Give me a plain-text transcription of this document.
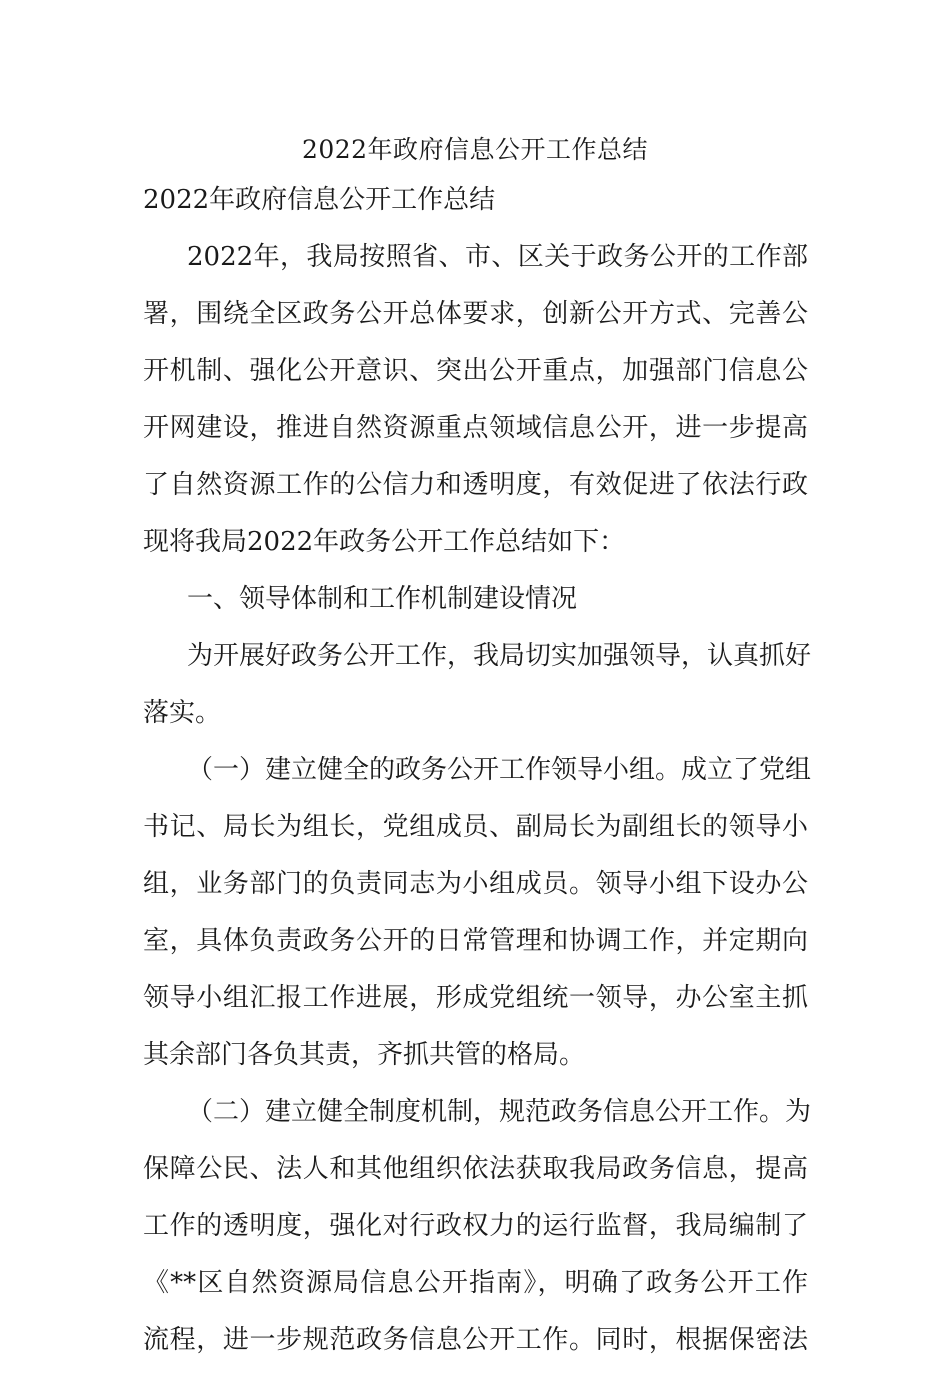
2022年政府信息公开工作总结
2022年政府信息公开工作总结
2022年，我局按照省、市、区关于政务公开的工作部
署，围绕全区政务公开总体要求，创新公开方式、完善公
开机制、强化公开意识、突出公开重点，加强部门信息公
开网建设，推进自然资源重点领域信息公开，进一步提高
了自然资源工作的公信力和透明度，有效促进了依法行政
现将我局2022年政务公开工作总结如下：
一、领导体制和工作机制建设情况
为开展好政务公开工作，我局切实加强领导，认真抓好
落实。
（一）建立健全的政务公开工作领导小组。成立了党组
书记、局长为组长，党组成员、副局长为副组长的领导小
组，业务部门的负责同志为小组成员。领导小组下设办公
室，具体负责政务公开的日常管理和协调工作，并定期向
领导小组汇报工作进展，形成党组统一领导，办公室主抓
其余部门各负其责，齐抓共管的格局。
（二）建立健全制度机制，规范政务信息公开工作。为
保障公民、法人和其他组织依法获取我局政务信息，提高
工作的透明度，强化对行政权力的运行监督，我局编制了
《**区自然资源局信息公开指南》，明确了政务公开工作
流程，进一步规范政务信息公开工作。同时，根据保密法
